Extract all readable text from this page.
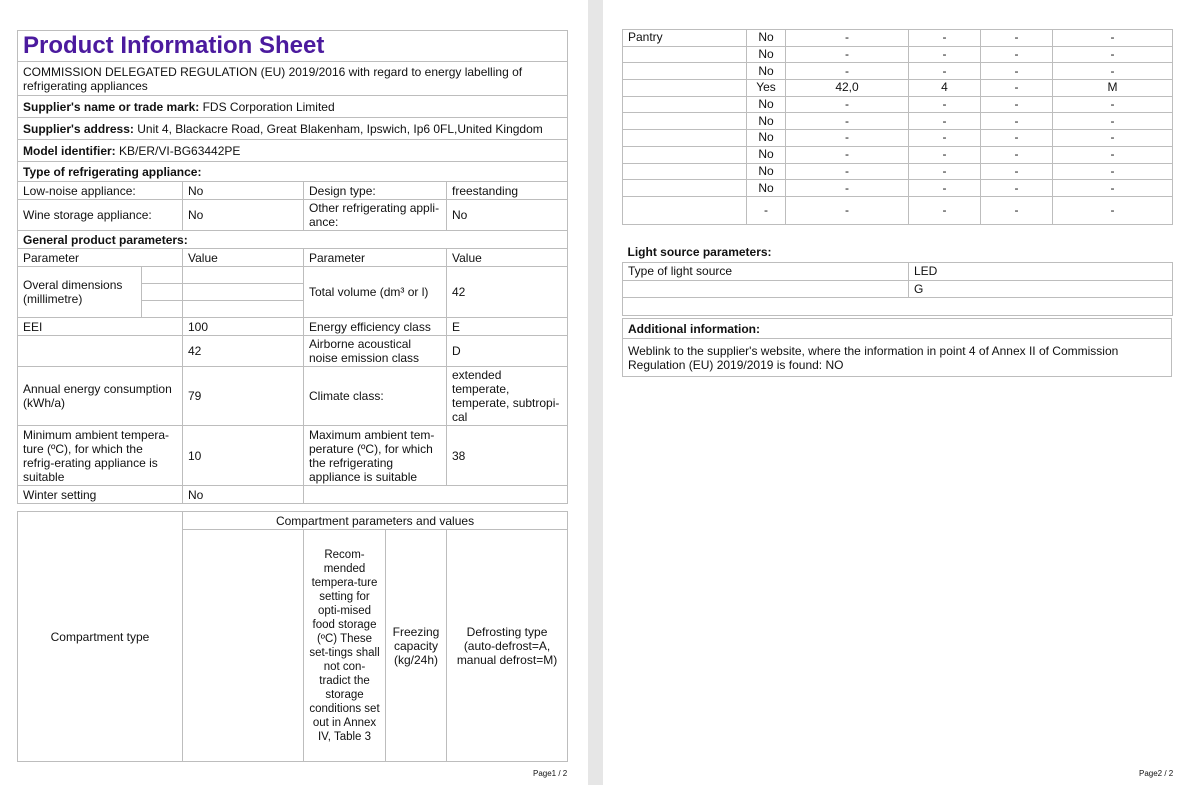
Product Information Sheet				
COMMISSION DELEGATED REGULATION (EU) 2019/2016 with regard to energy labelling of refrigerating appliances				
Supplier's name or trade mark: FDS Corporation Limited				
Supplier's address: Unit 4, Blackacre Road, Great Blakenham, Ipswich, Ip6 0FL,United Kingdom				
Model identifier: KB/ER/VI-BG63442PE				
Type of refrigerating appliance:				
Low-noise appliance:		No	Design type:	freestanding
Wine storage appliance:		No	Other refrigerating appli-ance:	No
General product parameters:				
Parameter		Value	Parameter	Value
Overal dimensions (millimetre)			Total volume (dm³ or l)	42
EEI		100	Energy efficiency class	E
		42	Airborne acoustical noise emission class	D
Annual energy consumption (kWh/a)		79	Climate class:	extended temperate, temperate, subtropi-cal
Minimum ambient tempera-ture (ºC), for which the refrig-erating appliance is suitable		10	Maximum ambient tem-perature (ºC), for which the refrigerating appliance is suitable	38
Winter setting		No		
Compartment type	Compartment parameters and values			
		Recom-mended tempera-ture setting for opti-mised food storage (ºC) These set-tings shall not con-tradict the storage conditions set out in Annex IV, Table 3	Freezing capacity (kg/24h)	Defrosting type (auto-defrost=A, manual defrost=M)
Page1 / 2
Pantry	No	-	-	-	-
	No	-	-	-	-
	No	-	-	-	-
	Yes	42,0	4	-	M
	No	-	-	-	-
	No	-	-	-	-
	No	-	-	-	-
	No	-	-	-	-
	No	-	-	-	-
	No	-	-	-	-
	-	-	-	-	-
Light source parameters:	
Type of light source	LED
	G

Additional information:
Weblink to the supplier's website, where the information in point 4 of Annex II of Commission Regulation (EU) 2019/2019 is found: NO
Page2 / 2
